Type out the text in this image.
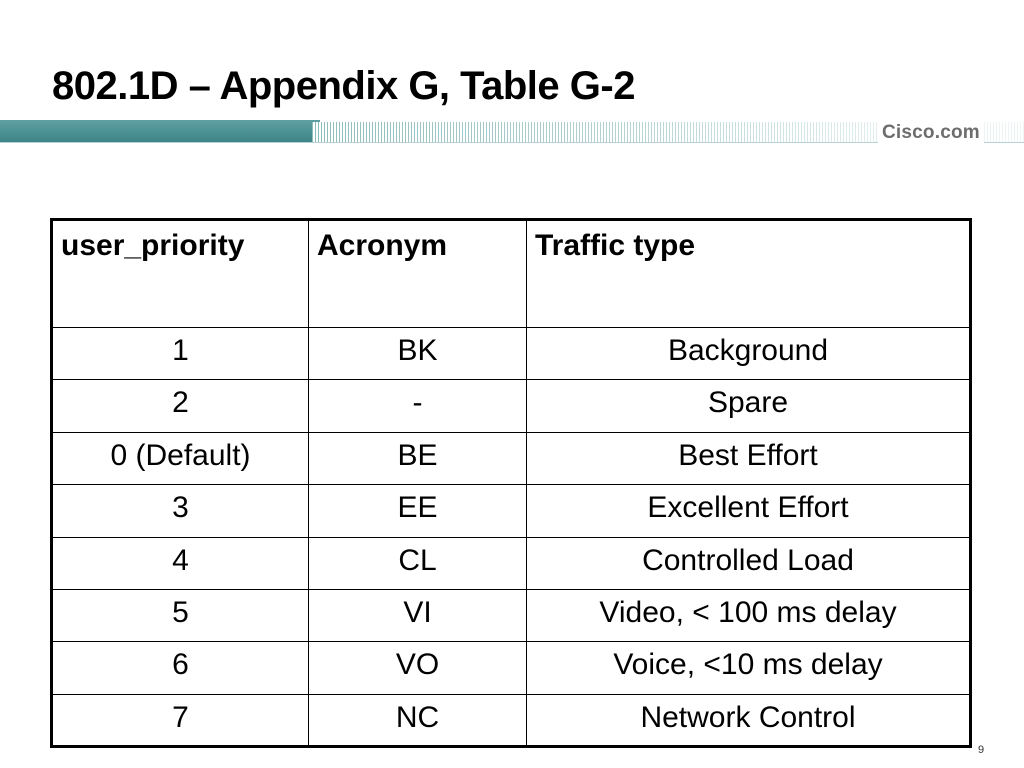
802.1D – Appendix G, Table G-2
Cisco.com
user_priority	Acronym	Traffic type
1	BK	Background
2	-	Spare
0 (Default)	BE	Best Effort
3	EE	Excellent Effort
4	CL	Controlled Load
5	VI	Video, < 100 ms delay
6	VO	Voice, <10 ms delay
7	NC	Network Control
9
